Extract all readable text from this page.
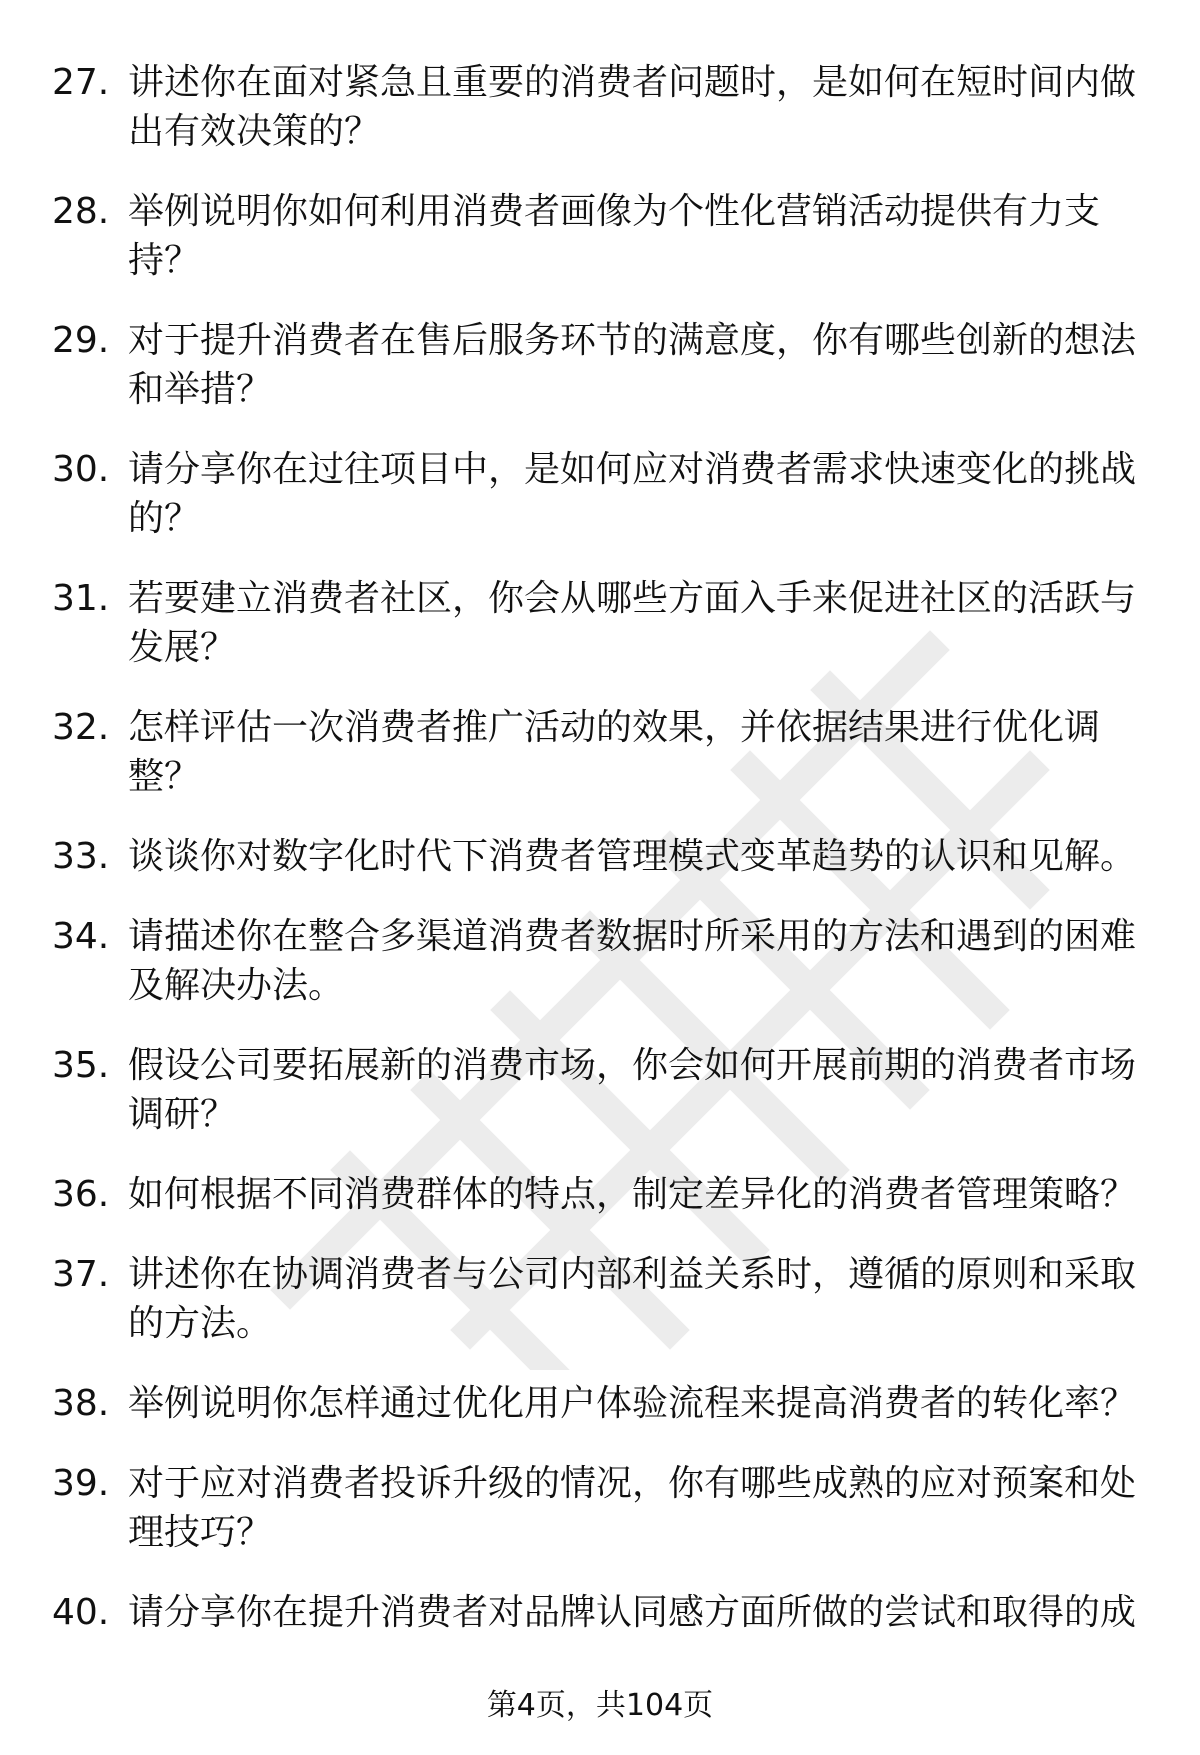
27. 讲述你在面对紧急且重要的消费者问题时，是如何在短时间内做出有效决策的？
28. 举例说明你如何利用消费者画像为个性化营销活动提供有力支持？
29. 对于提升消费者在售后服务环节的满意度，你有哪些创新的想法和举措？
30. 请分享你在过往项目中，是如何应对消费者需求快速变化的挑战的？
31. 若要建立消费者社区，你会从哪些方面入手来促进社区的活跃与发展？
32. 怎样评估一次消费者推广活动的效果，并依据结果进行优化调整？
33. 谈谈你对数字化时代下消费者管理模式变革趋势的认识和见解。
34. 请描述你在整合多渠道消费者数据时所采用的方法和遇到的困难及解决办法。
35. 假设公司要拓展新的消费市场，你会如何开展前期的消费者市场调研？
36. 如何根据不同消费群体的特点，制定差异化的消费者管理策略？
37. 讲述你在协调消费者与公司内部利益关系时，遵循的原则和采取的方法。
38. 举例说明你怎样通过优化用户体验流程来提高消费者的转化率？
39. 对于应对消费者投诉升级的情况，你有哪些成熟的应对预案和处理技巧？
40. 请分享你在提升消费者对品牌认同感方面所做的尝试和取得的成
第4页，共104页
